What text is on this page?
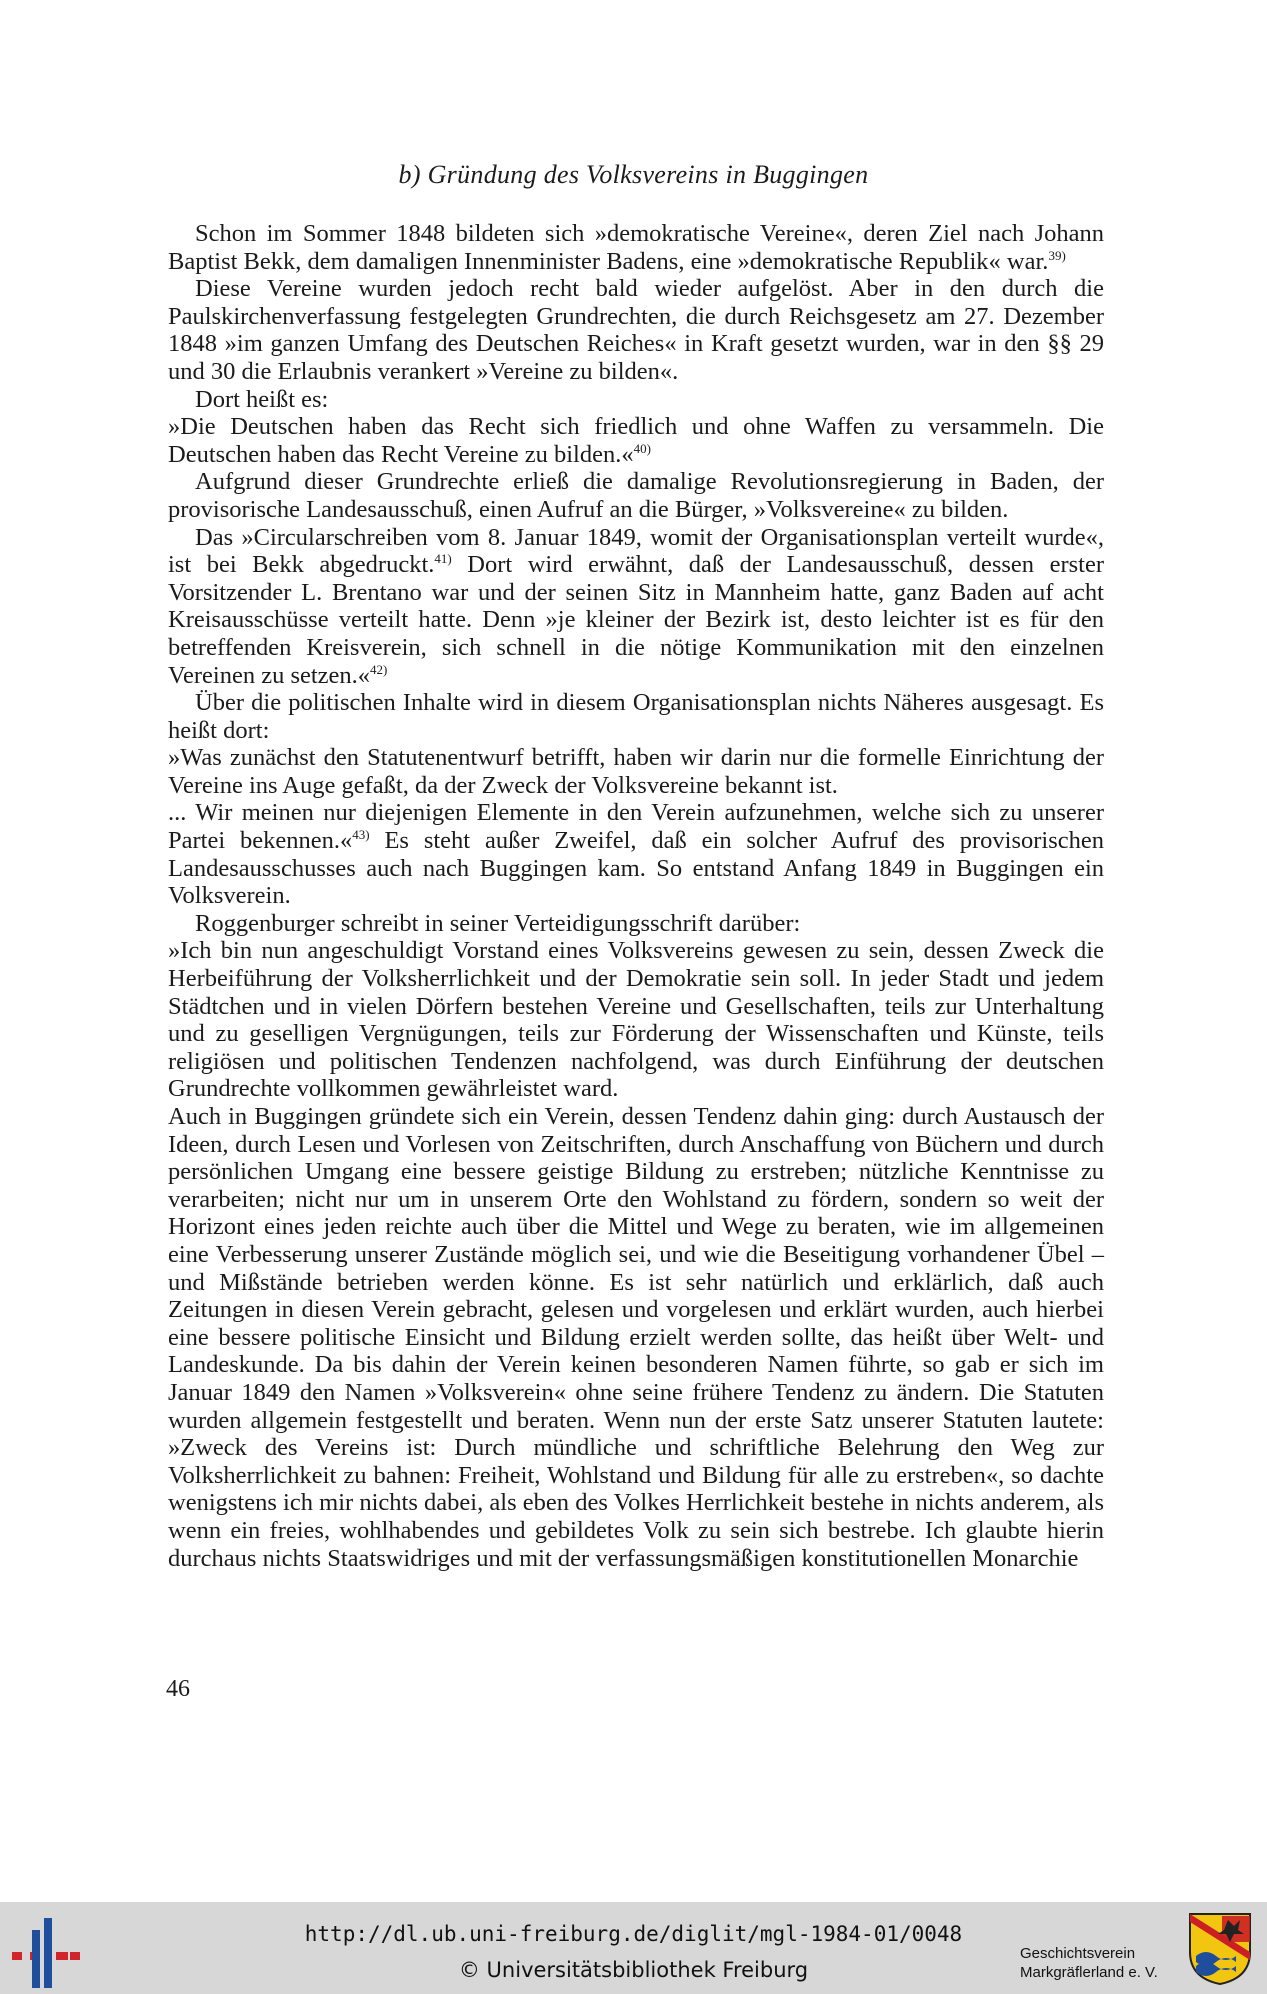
b) Gründung des Volksvereins in Buggingen

Schon im Sommer 1848 bildeten sich »demokratische Vereine«, deren Ziel nach Johann Baptist Bekk, dem damaligen Innenminister Badens, eine »demokratische Republik« war.$^{39)}$

Diese Vereine wurden jedoch recht bald wieder aufgelöst. Aber in den durch die Paulskirchenverfassung festgelegten Grundrechten, die durch Reichsgesetz am 27. Dezember 1848 »im ganzen Umfang des Deutschen Reiches« in Kraft gesetzt wurden, war in den §§ 29 und 30 die Erlaubnis verankert »Vereine zu bilden«.

Dort heißt es:

»Die Deutschen haben das Recht sich friedlich und ohne Waffen zu versammeln. Die Deutschen haben das Recht Vereine zu bilden.«$^{40)}$

Aufgrund dieser Grundrechte erließ die damalige Revolutionsregierung in Baden, der provisorische Landesausschuß, einen Aufruf an die Bürger, »Volksvereine« zu bilden.

Das »Circularschreiben vom 8. Januar 1849, womit der Organisationsplan verteilt wurde«, ist bei Bekk abgedruckt.$^{41)}$ Dort wird erwähnt, daß der Landesausschuß, dessen erster Vorsitzender L. Brentano war und der seinen Sitz in Mannheim hatte, ganz Baden auf acht Kreisausschüsse verteilt hatte. Denn »je kleiner der Bezirk ist, desto leichter ist es für den betreffenden Kreisverein, sich schnell in die nötige Kommunikation mit den einzelnen Vereinen zu setzen.«$^{42)}$

Über die politischen Inhalte wird in diesem Organisationsplan nichts Näheres ausgesagt. Es heißt dort:

»Was zunächst den Statutenentwurf betrifft, haben wir darin nur die formelle Einrichtung der Vereine ins Auge gefaßt, da der Zweck der Volksvereine bekannt ist.

... Wir meinen nur diejenigen Elemente in den Verein aufzunehmen, welche sich zu unserer Partei bekennen.«$^{43)}$ Es steht außer Zweifel, daß ein solcher Aufruf des provisorischen Landesausschusses auch nach Buggingen kam. So entstand Anfang 1849 in Buggingen ein Volksverein.

Roggenburger schreibt in seiner Verteidigungsschrift darüber:

»Ich bin nun angeschuldigt Vorstand eines Volksvereins gewesen zu sein, dessen Zweck die Herbeiführung der Volksherrlichkeit und der Demokratie sein soll. In jeder Stadt und jedem Städtchen und in vielen Dörfern bestehen Vereine und Gesellschaften, teils zur Unterhaltung und zu geselligen Vergnügungen, teils zur Förderung der Wissenschaften und Künste, teils religiösen und politischen Tendenzen nachfolgend, was durch Einführung der deutschen Grundrechte vollkommen gewährleistet ward.

Auch in Buggingen gründete sich ein Verein, dessen Tendenz dahin ging: durch Austausch der Ideen, durch Lesen und Vorlesen von Zeitschriften, durch Anschaffung von Büchern und durch persönlichen Umgang eine bessere geistige Bildung zu erstreben; nützliche Kenntnisse zu verarbeiten; nicht nur um in unserem Orte den Wohlstand zu fördern, sondern so weit der Horizont eines jeden reichte auch über die Mittel und Wege zu beraten, wie im allgemeinen eine Verbesserung unserer Zustände möglich sei, und wie die Beseitigung vorhandener Übel – und Mißstände betrieben werden könne. Es ist sehr natürlich und erklärlich, daß auch Zeitungen in diesen Verein gebracht, gelesen und vorgelesen und erklärt wurden, auch hierbei eine bessere politische Einsicht und Bildung erzielt werden sollte, das heißt über Welt- und Landeskunde. Da bis dahin der Verein keinen besonderen Namen führte, so gab er sich im Januar 1849 den Namen »Volksverein« ohne seine frühere Tendenz zu ändern. Die Statuten wurden allgemein festgestellt und beraten. Wenn nun der erste Satz unserer Statuten lautete: »Zweck des Vereins ist: Durch mündliche und schriftliche Belehrung den Weg zur Volksherrlichkeit zu bahnen: Freiheit, Wohlstand und Bildung für alle zu erstreben«, so dachte wenigstens ich mir nichts dabei, als eben des Volkes Herrlichkeit bestehe in nichts anderem, als wenn ein freies, wohlhabendes und gebildetes Volk zu sein sich bestrebe. Ich glaubte hierin durchaus nichts Staatswidriges und mit der verfassungsmäßigen konstitutionellen Monarchie

46
http://dl.ub.uni-freiburg.de/diglit/mgl-1984-01/0048
© Universitätsbibliothek Freiburg
Geschichtsverein
Markgräflerland e. V.
